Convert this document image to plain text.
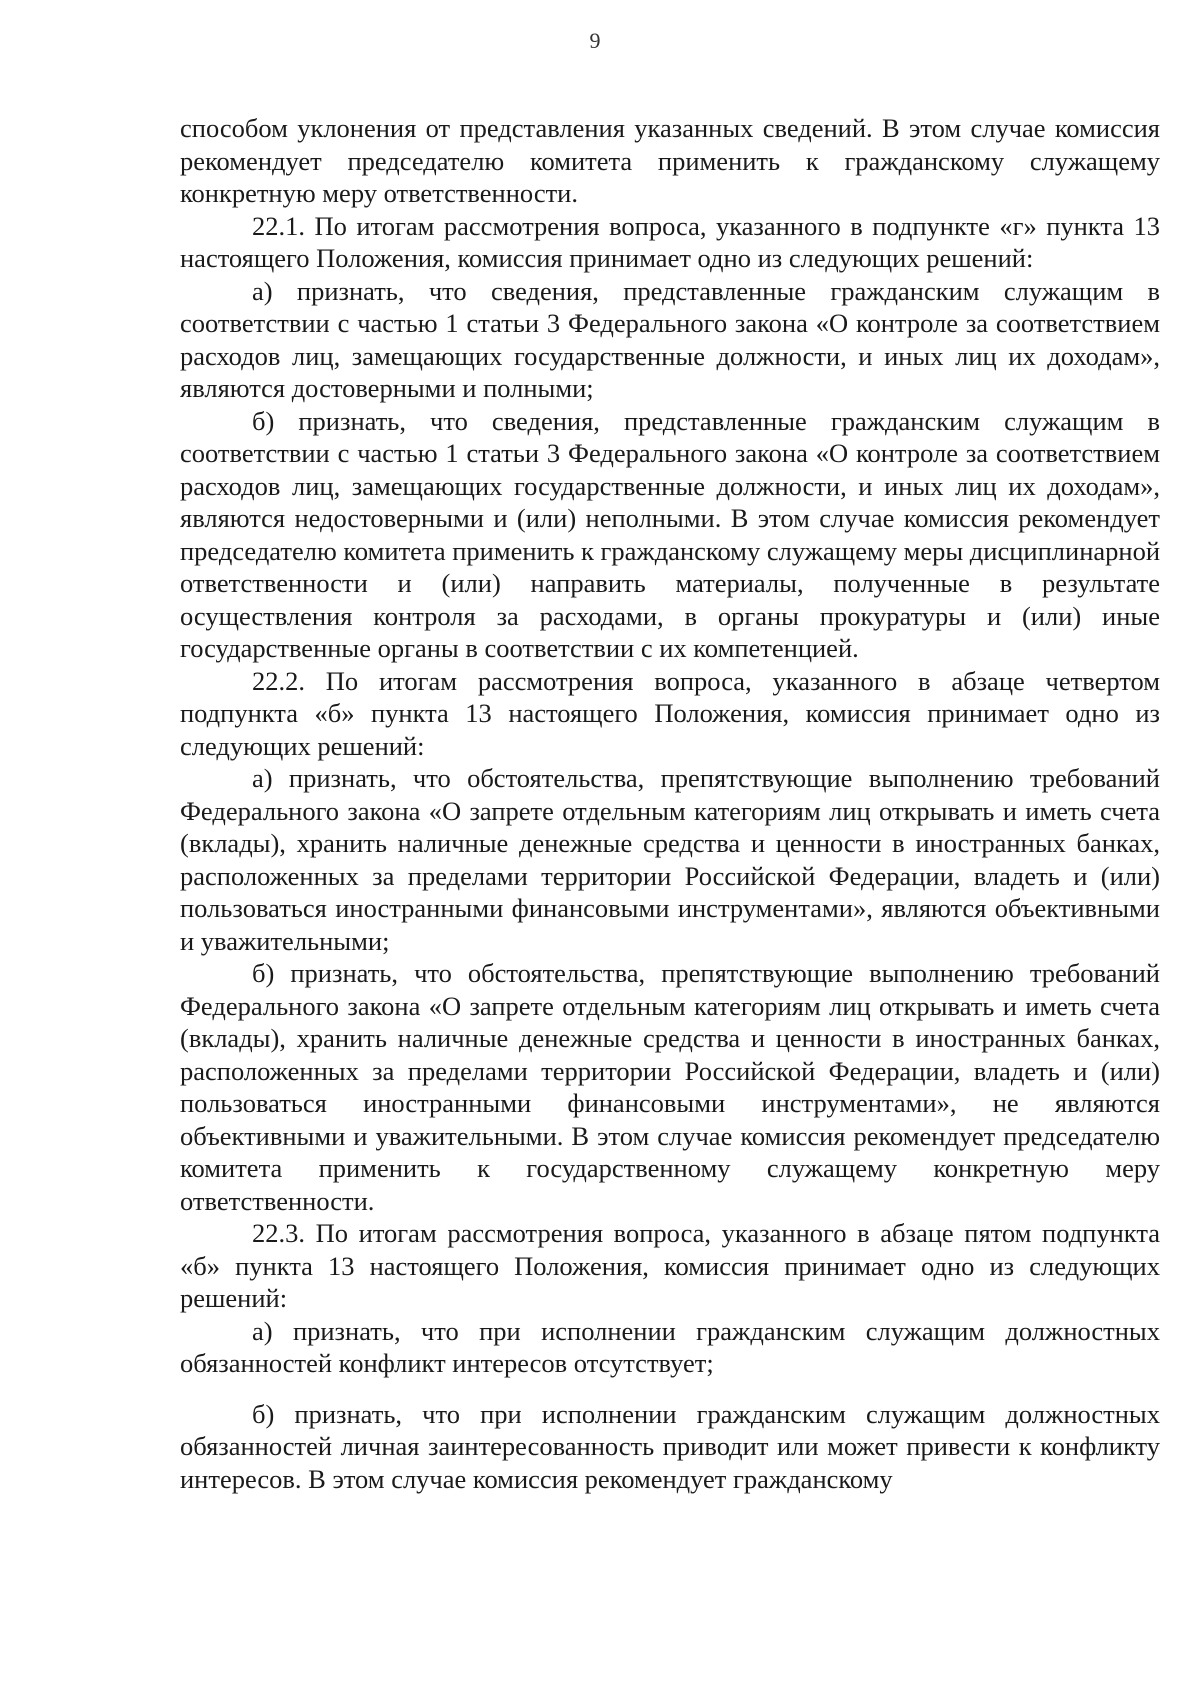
9

способом уклонения от представления указанных сведений. В этом случае комиссия рекомендует председателю комитета применить к гражданскому служащему конкретную меру ответственности.

22.1. По итогам рассмотрения вопроса, указанного в подпункте «г» пункта 13 настоящего Положения, комиссия принимает одно из следующих решений:

а) признать, что сведения, представленные гражданским служащим в соответствии с частью 1 статьи 3 Федерального закона «О контроле за соответствием расходов лиц, замещающих государственные должности, и иных лиц их доходам», являются достоверными и полными;

б) признать, что сведения, представленные гражданским служащим в соответствии с частью 1 статьи 3 Федерального закона «О контроле за соответствием расходов лиц, замещающих государственные должности, и иных лиц их доходам», являются недостоверными и (или) неполными. В этом случае комиссия рекомендует председателю комитета применить к гражданскому служащему меры дисциплинарной ответственности и (или) направить материалы, полученные в результате осуществления контроля за расходами, в органы прокуратуры и (или) иные государственные органы в соответствии с их компетенцией.

22.2. По итогам рассмотрения вопроса, указанного в абзаце четвертом подпункта «б» пункта 13 настоящего Положения, комиссия принимает одно из следующих решений:

а) признать, что обстоятельства, препятствующие выполнению требований Федерального закона «О запрете отдельным категориям лиц открывать и иметь счета (вклады), хранить наличные денежные средства и ценности в иностранных банках, расположенных за пределами территории Российской Федерации, владеть и (или) пользоваться иностранными финансовыми инструментами», являются объективными и уважительными;

б) признать, что обстоятельства, препятствующие выполнению требований Федерального закона «О запрете отдельным категориям лиц открывать и иметь счета (вклады), хранить наличные денежные средства и ценности в иностранных банках, расположенных за пределами территории Российской Федерации, владеть и (или) пользоваться иностранными финансовыми инструментами», не являются объективными и уважительными. В этом случае комиссия рекомендует председателю комитета применить к государственному служащему конкретную меру ответственности.

22.3. По итогам рассмотрения вопроса, указанного в абзаце пятом подпункта «б» пункта 13 настоящего Положения, комиссия принимает одно из следующих решений:

а) признать, что при исполнении гражданским служащим должностных обязанностей конфликт интересов отсутствует;

б) признать, что при исполнении гражданским служащим должностных обязанностей личная заинтересованность приводит или может привести к конфликту интересов. В этом случае комиссия рекомендует гражданскому
